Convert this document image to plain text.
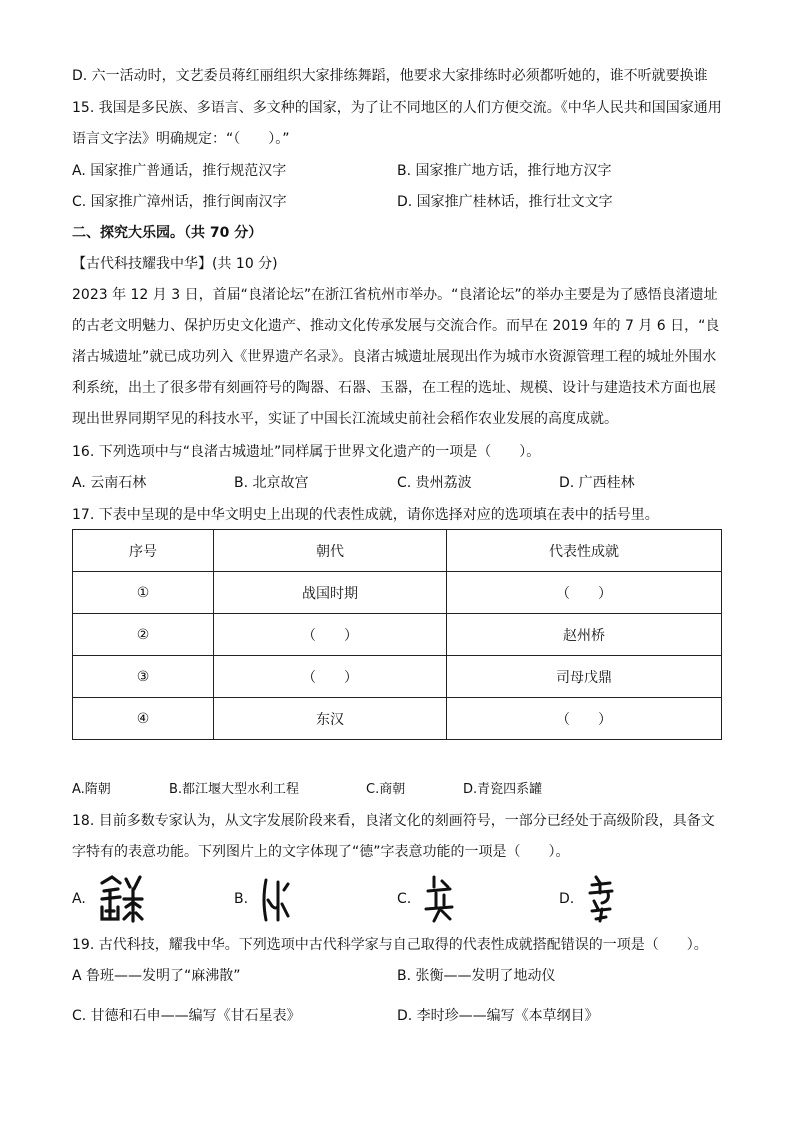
D. 六一活动时，文艺委员蒋红丽组织大家排练舞蹈，他要求大家排练时必须都听她的，谁不听就要换谁
15. 我国是多民族、多语言、多文种的国家，为了让不同地区的人们方便交流。《中华人民共和国国家通用
语言文字法》明确规定：“（　　）。”
A. 国家推广普通话，推行规范汉字	B. 国家推广地方话，推行地方汉字
C. 国家推广漳州话，推行闽南汉字	D. 国家推广桂林话，推行壮文文字
二、探究大乐园。（共 70 分）
【古代科技耀我中华】(共 10 分)
2023 年 12 月 3 日，首届“良渚论坛”在浙江省杭州市举办。“良渚论坛”的举办主要是为了感悟良渚遗址的古老文明魅力、保护历史文化遗产、推动文化传承发展与交流合作。而早在 2019 年的 7 月 6 日，“良渚古城遗址”就已成功列入《世界遗产名录》。良渚古城遗址展现出作为城市水资源管理工程的城址外围水利系统，出土了很多带有刻画符号的陶器、石器、玉器，在工程的选址、规模、设计与建造技术方面也展现出世界同期罕见的科技水平，实证了中国长江流域史前社会稻作农业发展的高度成就。
16. 下列选项中与“良渚古城遗址”同样属于世界文化遗产的一项是（　　）。
A. 云南石林	B. 北京故宫	C. 贵州荔波	D. 广西桂林
17. 下表中呈现的是中华文明史上出现的代表性成就，请你选择对应的选项填在表中的括号里。
序号	朝代	代表性成就
①	战国时期	（　　）
②	（　　）	赵州桥
③	（　　）	司母戊鼎
④	东汉	（　　）
A.隋朝	B.都江堰大型水利工程	C.商朝	D.青瓷四系罐
18. 目前多数专家认为，从文字发展阶段来看，良渚文化的刻画符号，一部分已经处于高级阶段，具备文
字特有的表意功能。下列图片上的文字体现了“德”字表意功能的一项是（　　）。
A.	B.	C.	D.
19. 古代科技，耀我中华。下列选项中古代科学家与自己取得的代表性成就搭配错误的一项是（　　）。
A 鲁班——发明了“麻沸散”	B. 张衡——发明了地动仪
C. 甘德和石申——编写《甘石星表》	D. 李时珍——编写《本草纲目》
